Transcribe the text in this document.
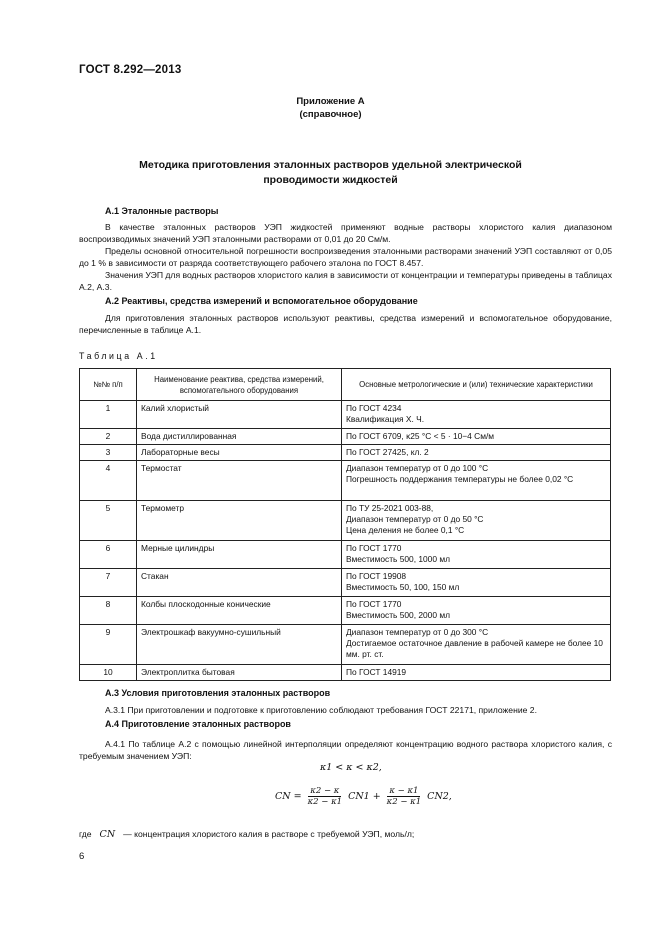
ГОСТ 8.292—2013
Приложение А
(справочное)
Методика приготовления эталонных растворов удельной электрической проводимости жидкостей
А.1 Эталонные растворы
В качестве эталонных растворов УЭП жидкостей применяют водные растворы хлористого калия диапазоном воспроизводимых значений УЭП эталонными растворами от 0,01 до 20 См/м.
Пределы основной относительной погрешности воспроизведения эталонными растворами значений УЭП составляют от 0,05 до 1 % в зависимости от разряда соответствующего рабочего эталона по ГОСТ 8.457.
Значения УЭП для водных растворов хлористого калия в зависимости от концентрации и температуры приведены в таблицах А.2, А.3.
А.2 Реактивы, средства измерений и вспомогательное оборудование
Для приготовления эталонных растворов используют реактивы, средства измерений и вспомогательное оборудование, перечисленные в таблице А.1.
Таблица А.1
№№ п/п	Наименование реактива, средства измерений, вспомогательного оборудования	Основные метрологические и (или) технические характеристики
1	Калий хлористый	По ГОСТ 4234
Квалификация Х. Ч.

2	Вода дистиллированная	По ГОСТ 6709, κ25 °С < 5 · 10−4 См/м
3	Лабораторные весы	По ГОСТ 27425, кл. 2
4	Термостат	Диапазон температур от 0 до 100 °С
Погрешность поддержания температуры не более 0,02 °С

5	Термометр	По ТУ 25-2021 003-88,
Диапазон температур от 0 до 50 °С
Цена деления не более 0,1 °С

6	Мерные цилиндры	По ГОСТ 1770
Вместимость 500, 1000 мл

7	Стакан	По ГОСТ 19908
Вместимость 50, 100, 150 мл

8	Колбы плоскодонные конические	По ГОСТ 1770
Вместимость 500, 2000 мл

9	Электрошкаф вакуумно-сушильный	Диапазон температур от 0 до 300 °С
Достигаемое остаточное давление в рабочей камере не более 10 мм. рт. ст.

10	Электроплитка бытовая	По ГОСТ 14919
А.3 Условия приготовления эталонных растворов
А.3.1 При приготовлении и подготовке к приготовлению соблюдают требования ГОСТ 22171, приложение 2.
А.4 Приготовление эталонных растворов
А.4.1 По таблице А.2 с помощью линейной интерполяции определяют концентрацию водного раствора хлористого калия, с требуемым значением УЭП:
κ1 < κ < κ2,
CN = $\frac{\kappa 2 - \kappa}{\kappa 2 - \kappa 1} CN1 + \frac{\kappa - \kappa 1}{\kappa 2 - \kappa 1} CN2$,
где CN — концентрация хлористого калия в растворе с требуемой УЭП, моль/л;
6
